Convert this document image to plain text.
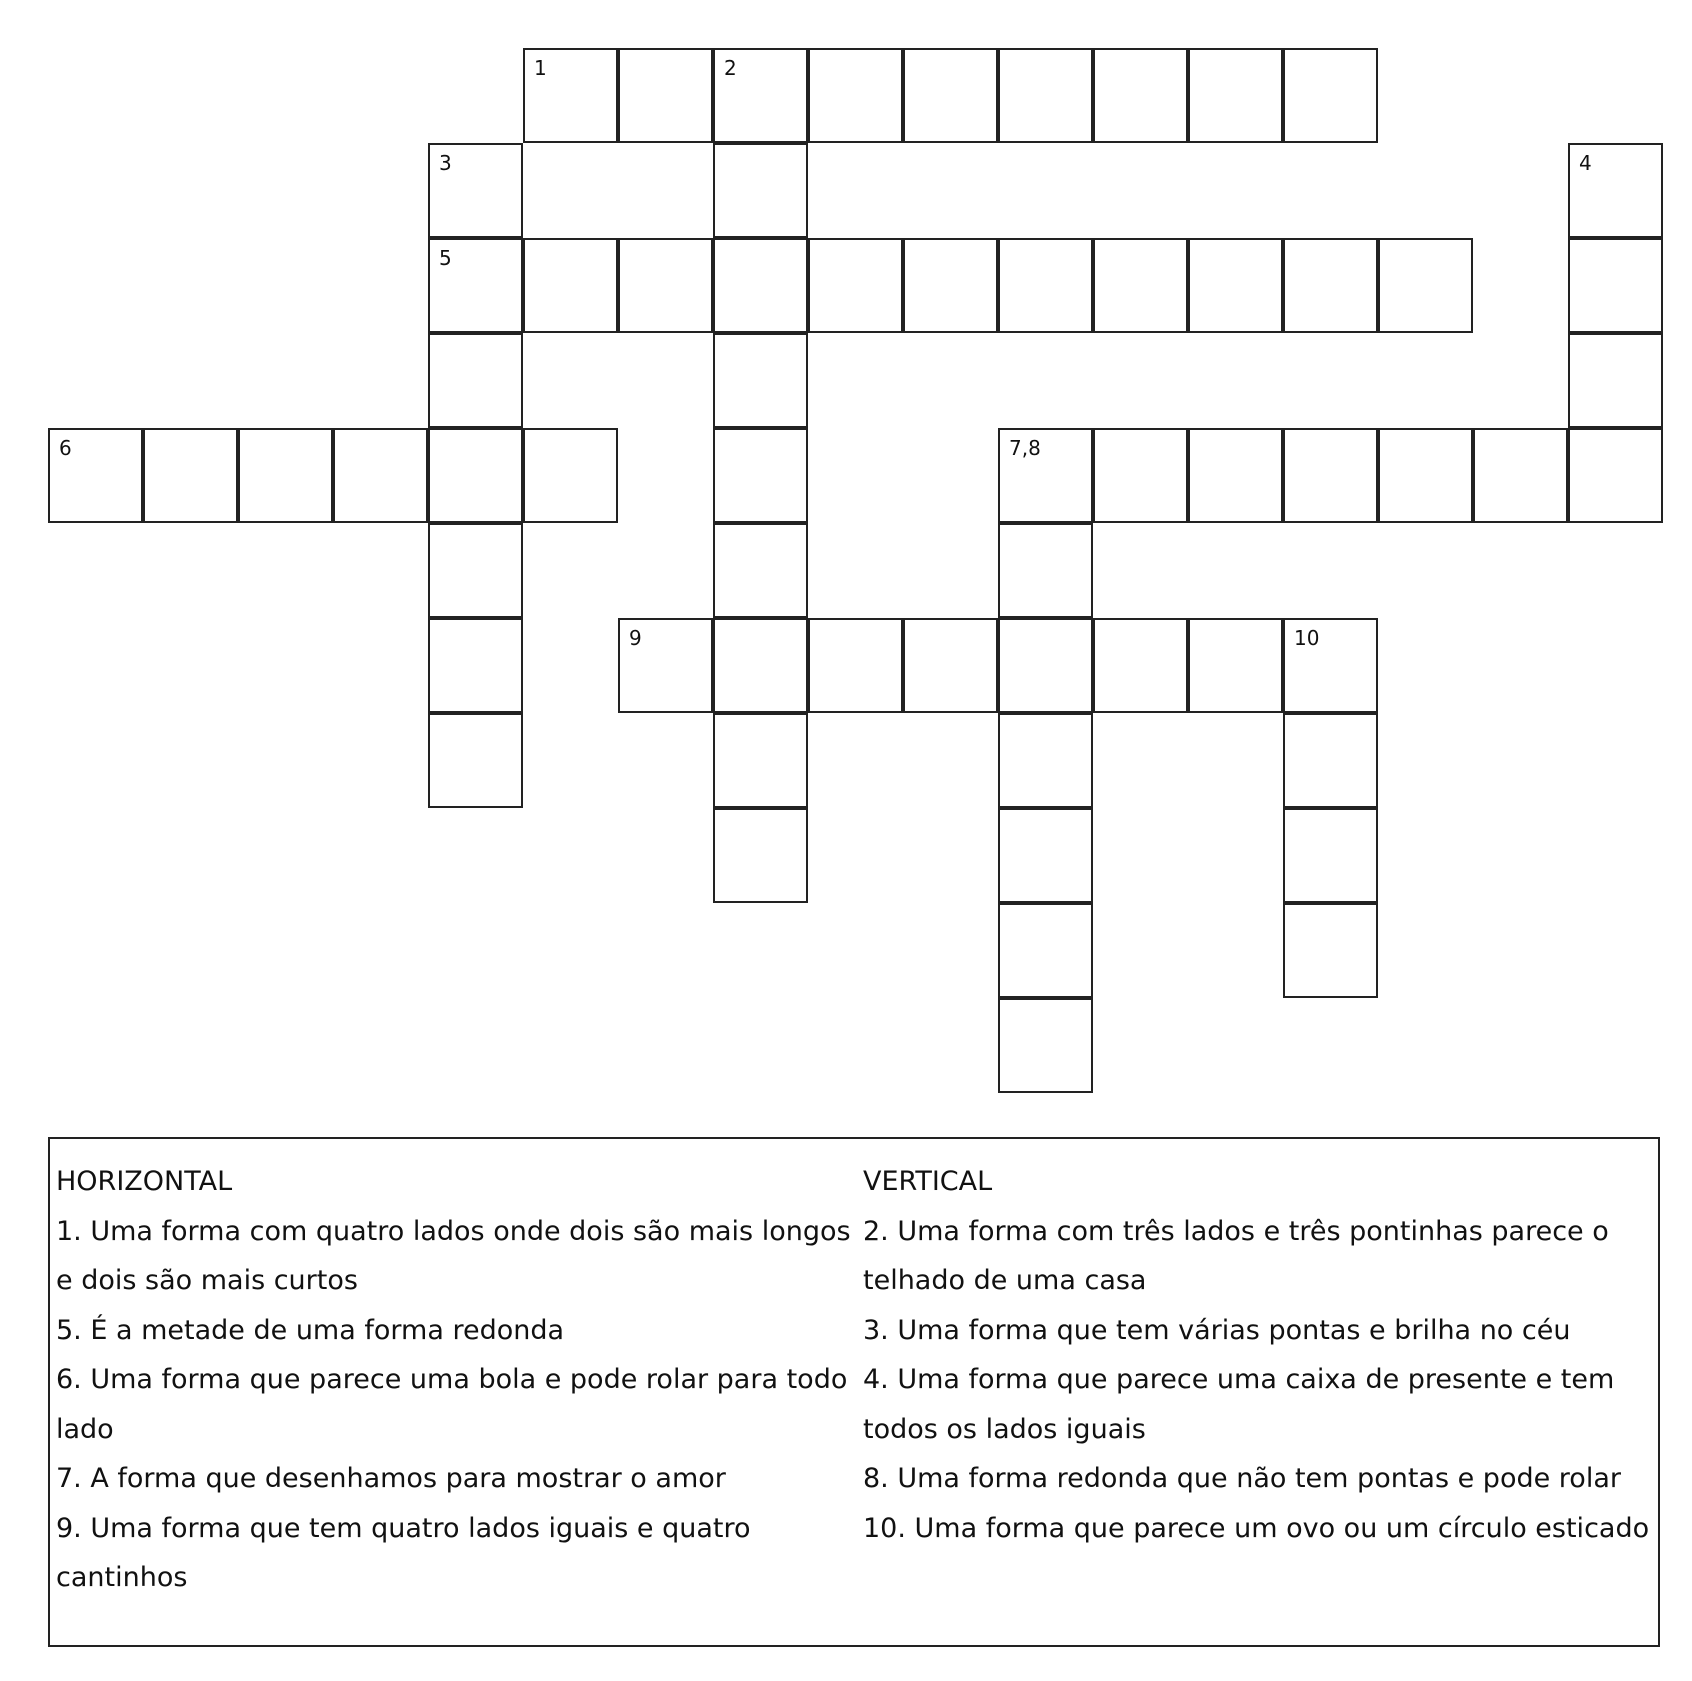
1	2
3	4
5
6	7,8
9	10

HORIZONTAL

1. Uma forma com quatro lados onde dois são mais longos e dois são mais curtos

5. É a metade de uma forma redonda

6. Uma forma que parece uma bola e pode rolar para todo lado

7. A forma que desenhamos para mostrar o amor

9. Uma forma que tem quatro lados iguais e quatro cantinhos

VERTICAL

2. Uma forma com três lados e três pontinhas parece o telhado de uma casa

3. Uma forma que tem várias pontas e brilha no céu

4. Uma forma que parece uma caixa de presente e tem todos os lados iguais

8. Uma forma redonda que não tem pontas e pode rolar

10. Uma forma que parece um ovo ou um círculo esticado
